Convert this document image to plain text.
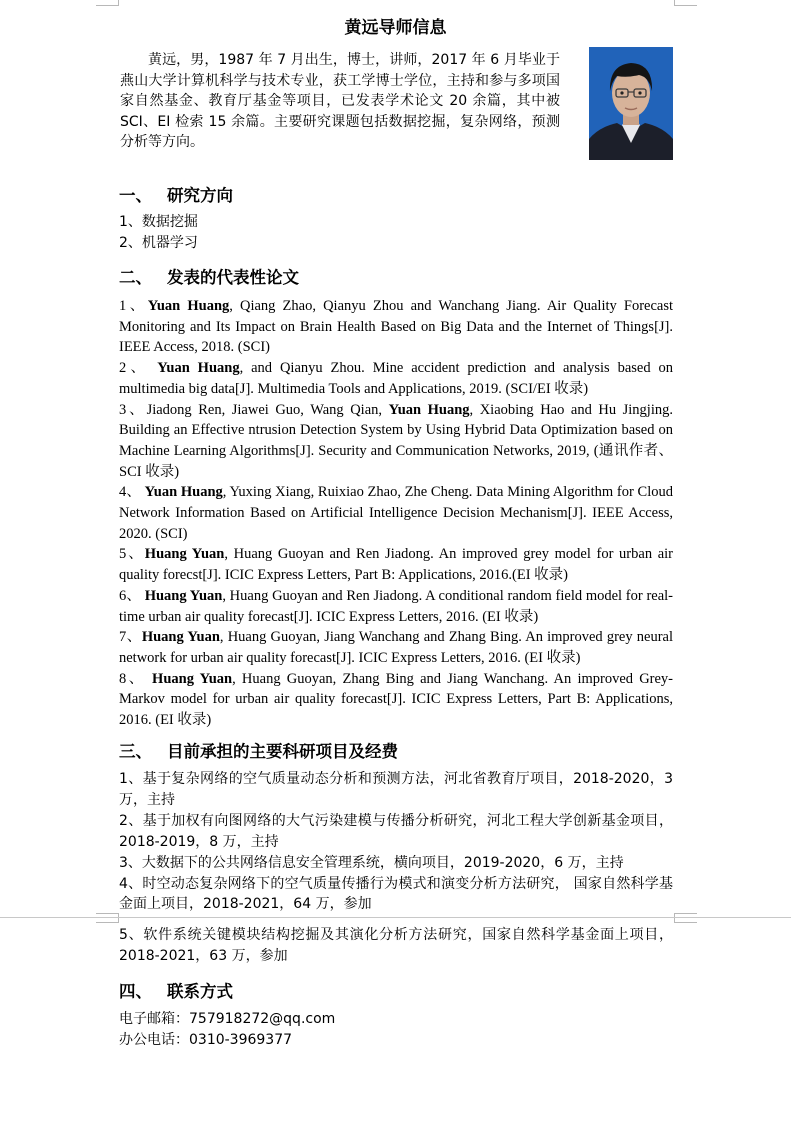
黄远导师信息
黄远，男，1987 年 7 月出生，博士，讲师，2017 年 6 月毕业于燕山大学计算机科学与技术专业，获工学博士学位，主持和参与多项国家自然基金、教育厅基金等项目，已发表学术论文 20 余篇，其中被 SCI、EI 检索 15 余篇。主要研究课题包括数据挖掘，复杂网络，预测分析等方向。
一、 研究方向
1、数据挖掘
2、机器学习
二、 发表的代表性论文
1、Yuan Huang, Qiang Zhao, Qianyu Zhou and Wanchang Jiang. Air Quality Forecast Monitoring and Its Impact on Brain Health Based on Big Data and the Internet of Things[J]. IEEE Access, 2018. (SCI)
2、 Yuan Huang, and Qianyu Zhou. Mine accident prediction and analysis based on multimedia big data[J]. Multimedia Tools and Applications, 2019. (SCI/EI 收录)
3、Jiadong Ren, Jiawei Guo, Wang Qian, Yuan Huang, Xiaobing Hao and Hu Jingjing. Building an Effective ntrusion Detection System by Using Hybrid Data Optimization based on Machine Learning Algorithms[J]. Security and Communication Networks, 2019, (通讯作者、SCI 收录)
4、 Yuan Huang, Yuxing Xiang, Ruixiao Zhao, Zhe Cheng. Data Mining Algorithm for Cloud Network Information Based on Artificial Intelligence Decision Mechanism[J]. IEEE Access, 2020. (SCI)
5、Huang Yuan, Huang Guoyan and Ren Jiadong. An improved grey model for urban air quality forecst[J]. ICIC Express Letters, Part B: Applications, 2016.(EI 收录)
6、 Huang Yuan, Huang Guoyan and Ren Jiadong. A conditional random field model for real-time urban air quality forecast[J]. ICIC Express Letters, 2016. (EI 收录)
7、Huang Yuan, Huang Guoyan, Jiang Wanchang and Zhang Bing. An improved grey neural network for urban air quality forecast[J]. ICIC Express Letters, 2016. (EI 收录)
8、 Huang Yuan, Huang Guoyan, Zhang Bing and Jiang Wanchang. An improved Grey-Markov model for urban air quality forecast[J]. ICIC Express Letters, Part B: Applications, 2016. (EI 收录)
三、 目前承担的主要科研项目及经费
1、基于复杂网络的空气质量动态分析和预测方法，河北省教育厅项目，2018-2020，3 万，主持
2、基于加权有向图网络的大气污染建模与传播分析研究，河北工程大学创新基金项目，2018-2019，8 万，主持
3、大数据下的公共网络信息安全管理系统，横向项目，2019-2020，6 万，主持
4、时空动态复杂网络下的空气质量传播行为模式和演变分析方法研究， 国家自然科学基金面上项目，2018-2021，64 万，参加
5、软件系统关键模块结构挖掘及其演化分析方法研究，国家自然科学基金面上项目，2018-2021，63 万，参加
四、 联系方式
电子邮箱：757918272@qq.com
办公电话：0310-3969377
